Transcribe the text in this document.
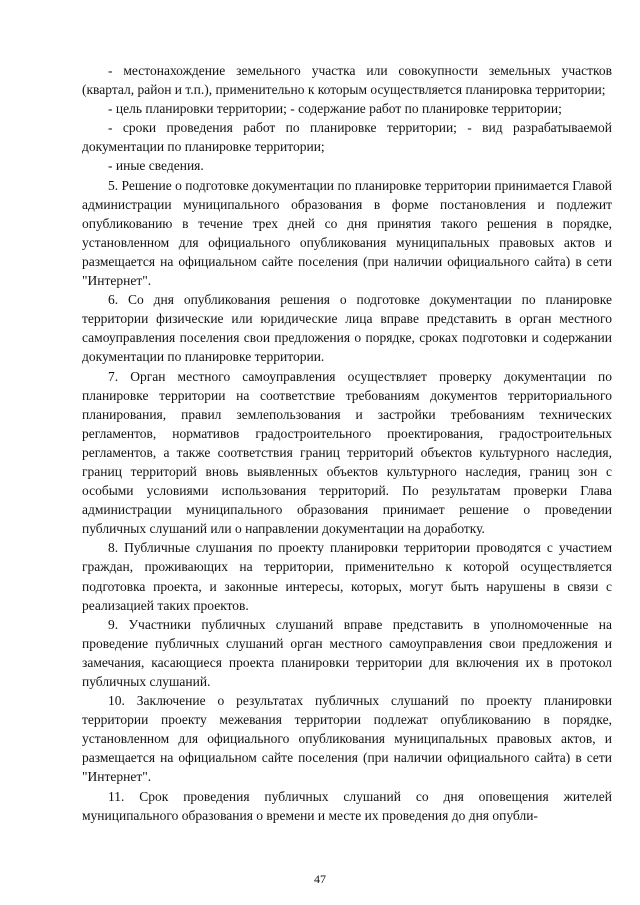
- местонахождение земельного участка или совокупности земельных участков (квартал, район и т.п.), применительно к которым осуществляется планировка территории;

- цель планировки территории; - содержание работ по планировке территории;

- сроки проведения работ по планировке территории; - вид разрабатываемой документации по планировке территории;

- иные сведения.

5. Решение о подготовке документации по планировке территории принимается Главой администрации муниципального образования в форме постановления и подлежит опубликованию в течение трех дней со дня принятия такого решения в порядке, установленном для официального опубликования муниципальных правовых актов и размещается на официальном сайте поселения (при наличии официального сайта) в сети "Интернет".

6. Со дня опубликования решения о подготовке документации по планировке территории физические или юридические лица вправе представить в орган местного самоуправления поселения свои предложения о порядке, сроках подготовки и содержании документации по планировке территории.

7. Орган местного самоуправления осуществляет проверку документации по планировке территории на соответствие требованиям документов территориального планирования, правил землепользования и застройки требованиям технических регламентов, нормативов градостроительного проектирования, градостроительных регламентов, а также соответствия границ территорий объектов культурного наследия, границ территорий вновь выявленных объектов культурного наследия, границ зон с особыми условиями использования территорий. По результатам проверки Глава администрации муниципального образования принимает решение о проведении публичных слушаний или о направлении документации на доработку.

8. Публичные слушания по проекту планировки территории проводятся с участием граждан, проживающих на территории, применительно к которой осуществляется подготовка проекта, и законные интересы, которых, могут быть нарушены в связи с реализацией таких проектов.

9. Участники публичных слушаний вправе представить в уполномоченные на проведение публичных слушаний орган местного самоуправления свои предложения и замечания, касающиеся проекта планировки территории для включения их в протокол публичных слушаний.

10. Заключение о результатах публичных слушаний по проекту планировки территории проекту межевания территории подлежат опубликованию в порядке, установленном для официального опубликования муниципальных правовых актов, и размещается на официальном сайте поселения (при наличии официального сайта) в сети "Интернет".

11. Срок проведения публичных слушаний со дня оповещения жителей муниципального образования о времени и месте их проведения до дня опубли-

47
